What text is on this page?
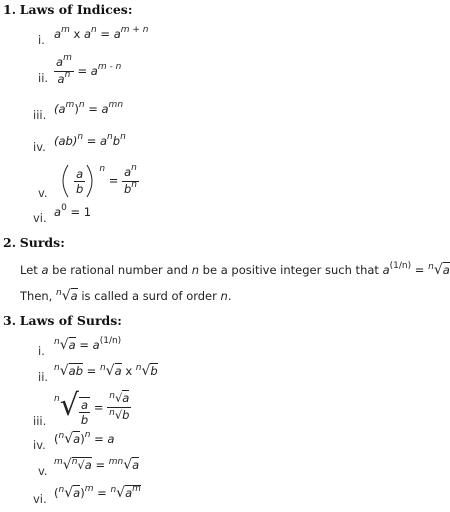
1. Laws of Indices:
2. Surds:
3. Laws of Surds:
i. $a^m$ x $a^n = a^{m + n}$
ii. $\frac{a^m}{a^n} = a^{m - n}$
iii. $(a^m)^n = a^{mn}$
iv. $(ab)^n = a^nb^n$
v. $\frac{a}{b} ^n = \frac{a^n}{b^n}$
vi. $a^0 = 1$
Let a be rational number and n be a positive integer such that $a^{(1/n)} = ^n√a$
Then, $^n$√a is called a surd of order n.
i.
$^n√a = a^{(1/n)}$
ii.
$^n$√ab = $^n$√a x $^n$√b
iii.
$^n√ \frac{a}{b} = \frac{^n√a}{^n√b}$
iv. $(^n√a)^n = a$
v.
$^m$√$^n$√a = $^{mn}$√a
vi. $(^n√a)^m = ^n√a^m$
